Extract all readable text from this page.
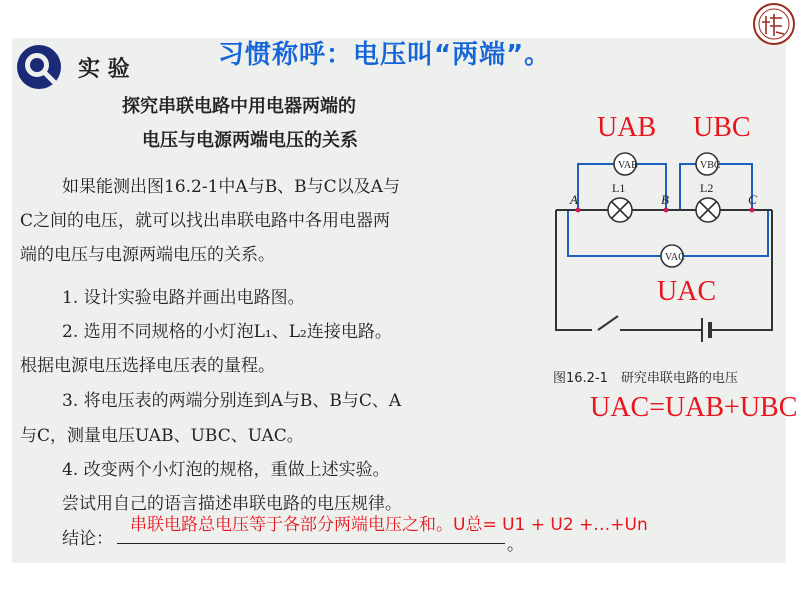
习惯称呼：电压叫“两端”。
实 验
探究串联电路中用电器两端的
电压与电源两端电压的关系
如果能测出图16.2-1中A与B、B与C以及A与
C之间的电压，就可以找出串联电路中各用电器两
端的电压与电源两端电压的关系。
1. 设计实验电路并画出电路图。
2. 选用不同规格的小灯泡L₁、L₂连接电路。
根据电源电压选择电压表的量程。
3. 将电压表的两端分别连到A与B、B与C、A
与C，测量电压UAB、UBC、UAC。
4. 改变两个小灯泡的规格，重做上述实验。
尝试用自己的语言描述串联电路的电压规律。
结论：	。
VAB	VBC
VAC
L1	L2
A	B	C
UAB UBC
UAC
UAC=UAB+UBC
图16.2-1　研究串联电路的电压
串联电路总电压等于各部分两端电压之和。U总= U1 + U2 +…+Un
